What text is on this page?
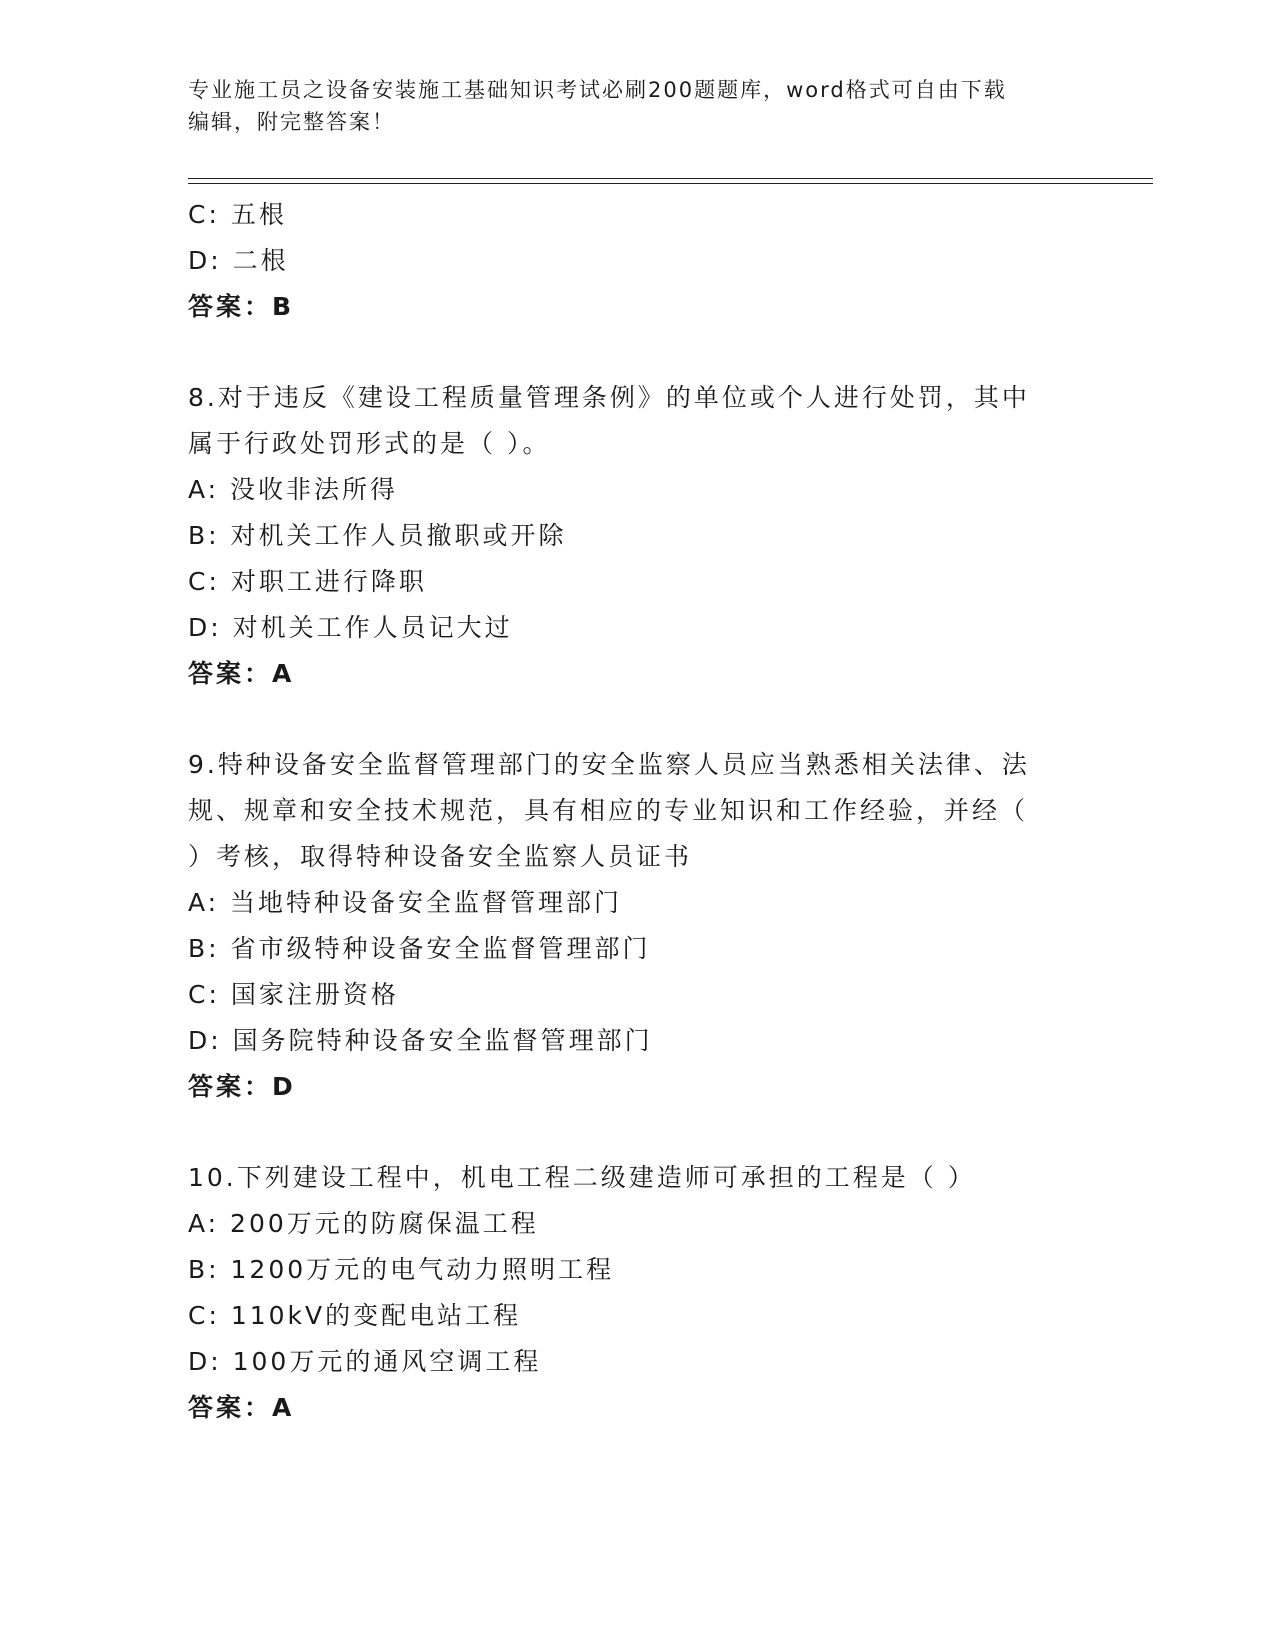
专业施工员之设备安装施工基础知识考试必刷200题题库，word格式可自由下载
编辑，附完整答案！
C: 五根
D: 二根
答案：B
8.对于违反《建设工程质量管理条例》的单位或个人进行处罚，其中
属于行政处罚形式的是（ ）。
A: 没收非法所得
B: 对机关工作人员撤职或开除
C: 对职工进行降职
D: 对机关工作人员记大过
答案：A
9.特种设备安全监督管理部门的安全监察人员应当熟悉相关法律、法
规、规章和安全技术规范，具有相应的专业知识和工作经验，并经（
）考核，取得特种设备安全监察人员证书
A: 当地特种设备安全监督管理部门
B: 省市级特种设备安全监督管理部门
C: 国家注册资格
D: 国务院特种设备安全监督管理部门
答案：D
10.下列建设工程中，机电工程二级建造师可承担的工程是（ ）
A: 200万元的防腐保温工程
B: 1200万元的电气动力照明工程
C: 110kV的变配电站工程
D: 100万元的通风空调工程
答案：A
